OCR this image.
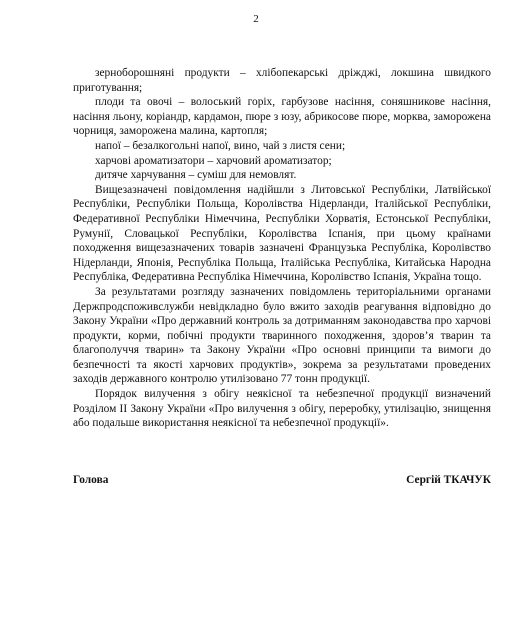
2

зерноборошняні продукти – хлібопекарські дріжджі, локшина швидкого приготування;

плоди та овочі – волоський горіх, гарбузове насіння, соняшникове насіння, насіння льону, коріандр, кардамон, пюре з юзу, абрикосове пюре, морква, заморожена чорниця, заморожена малина, картопля;

напої – безалкогольні напої, вино, чай з листя сени;

харчові ароматизатори – харчовий ароматизатор;

дитяче харчування – суміш для немовлят.

Вищезазначені повідомлення надійшли з Литовської Республіки, Латвійської Республіки, Республіки Польща, Королівства Нідерланди, Італійської Республіки, Федеративної Республіки Німеччина, Республіки Хорватія, Естонської Республіки, Румунії, Словацької Республіки, Королівства Іспанія, при цьому країнами походження вищезазначених товарів зазначені Французька Республіка, Королівство Нідерланди, Японія, Республіка Польща, Італійська Республіка, Китайська Народна Республіка, Федеративна Республіка Німеччина, Королівство Іспанія, Україна тощо.

За результатами розгляду зазначених повідомлень територіальними органами Держпродспоживслужби невідкладно було вжито заходів реагування відповідно до Закону України «Про державний контроль за дотриманням законодавства про харчові продукти, корми, побічні продукти тваринного походження, здоров’я тварин та благополуччя тварин» та Закону України «Про основні принципи та вимоги до безпечності та якості харчових продуктів», зокрема за результатами проведених заходів державного контролю утилізовано 77 тонн продукції.

Порядок вилучення з обігу неякісної та небезпечної продукції визначений Розділом ІІ Закону України «Про вилучення з обігу, переробку, утилізацію, знищення або подальше використання неякісної та небезпечної продукції».

Голова	Сергій ТКАЧУК
